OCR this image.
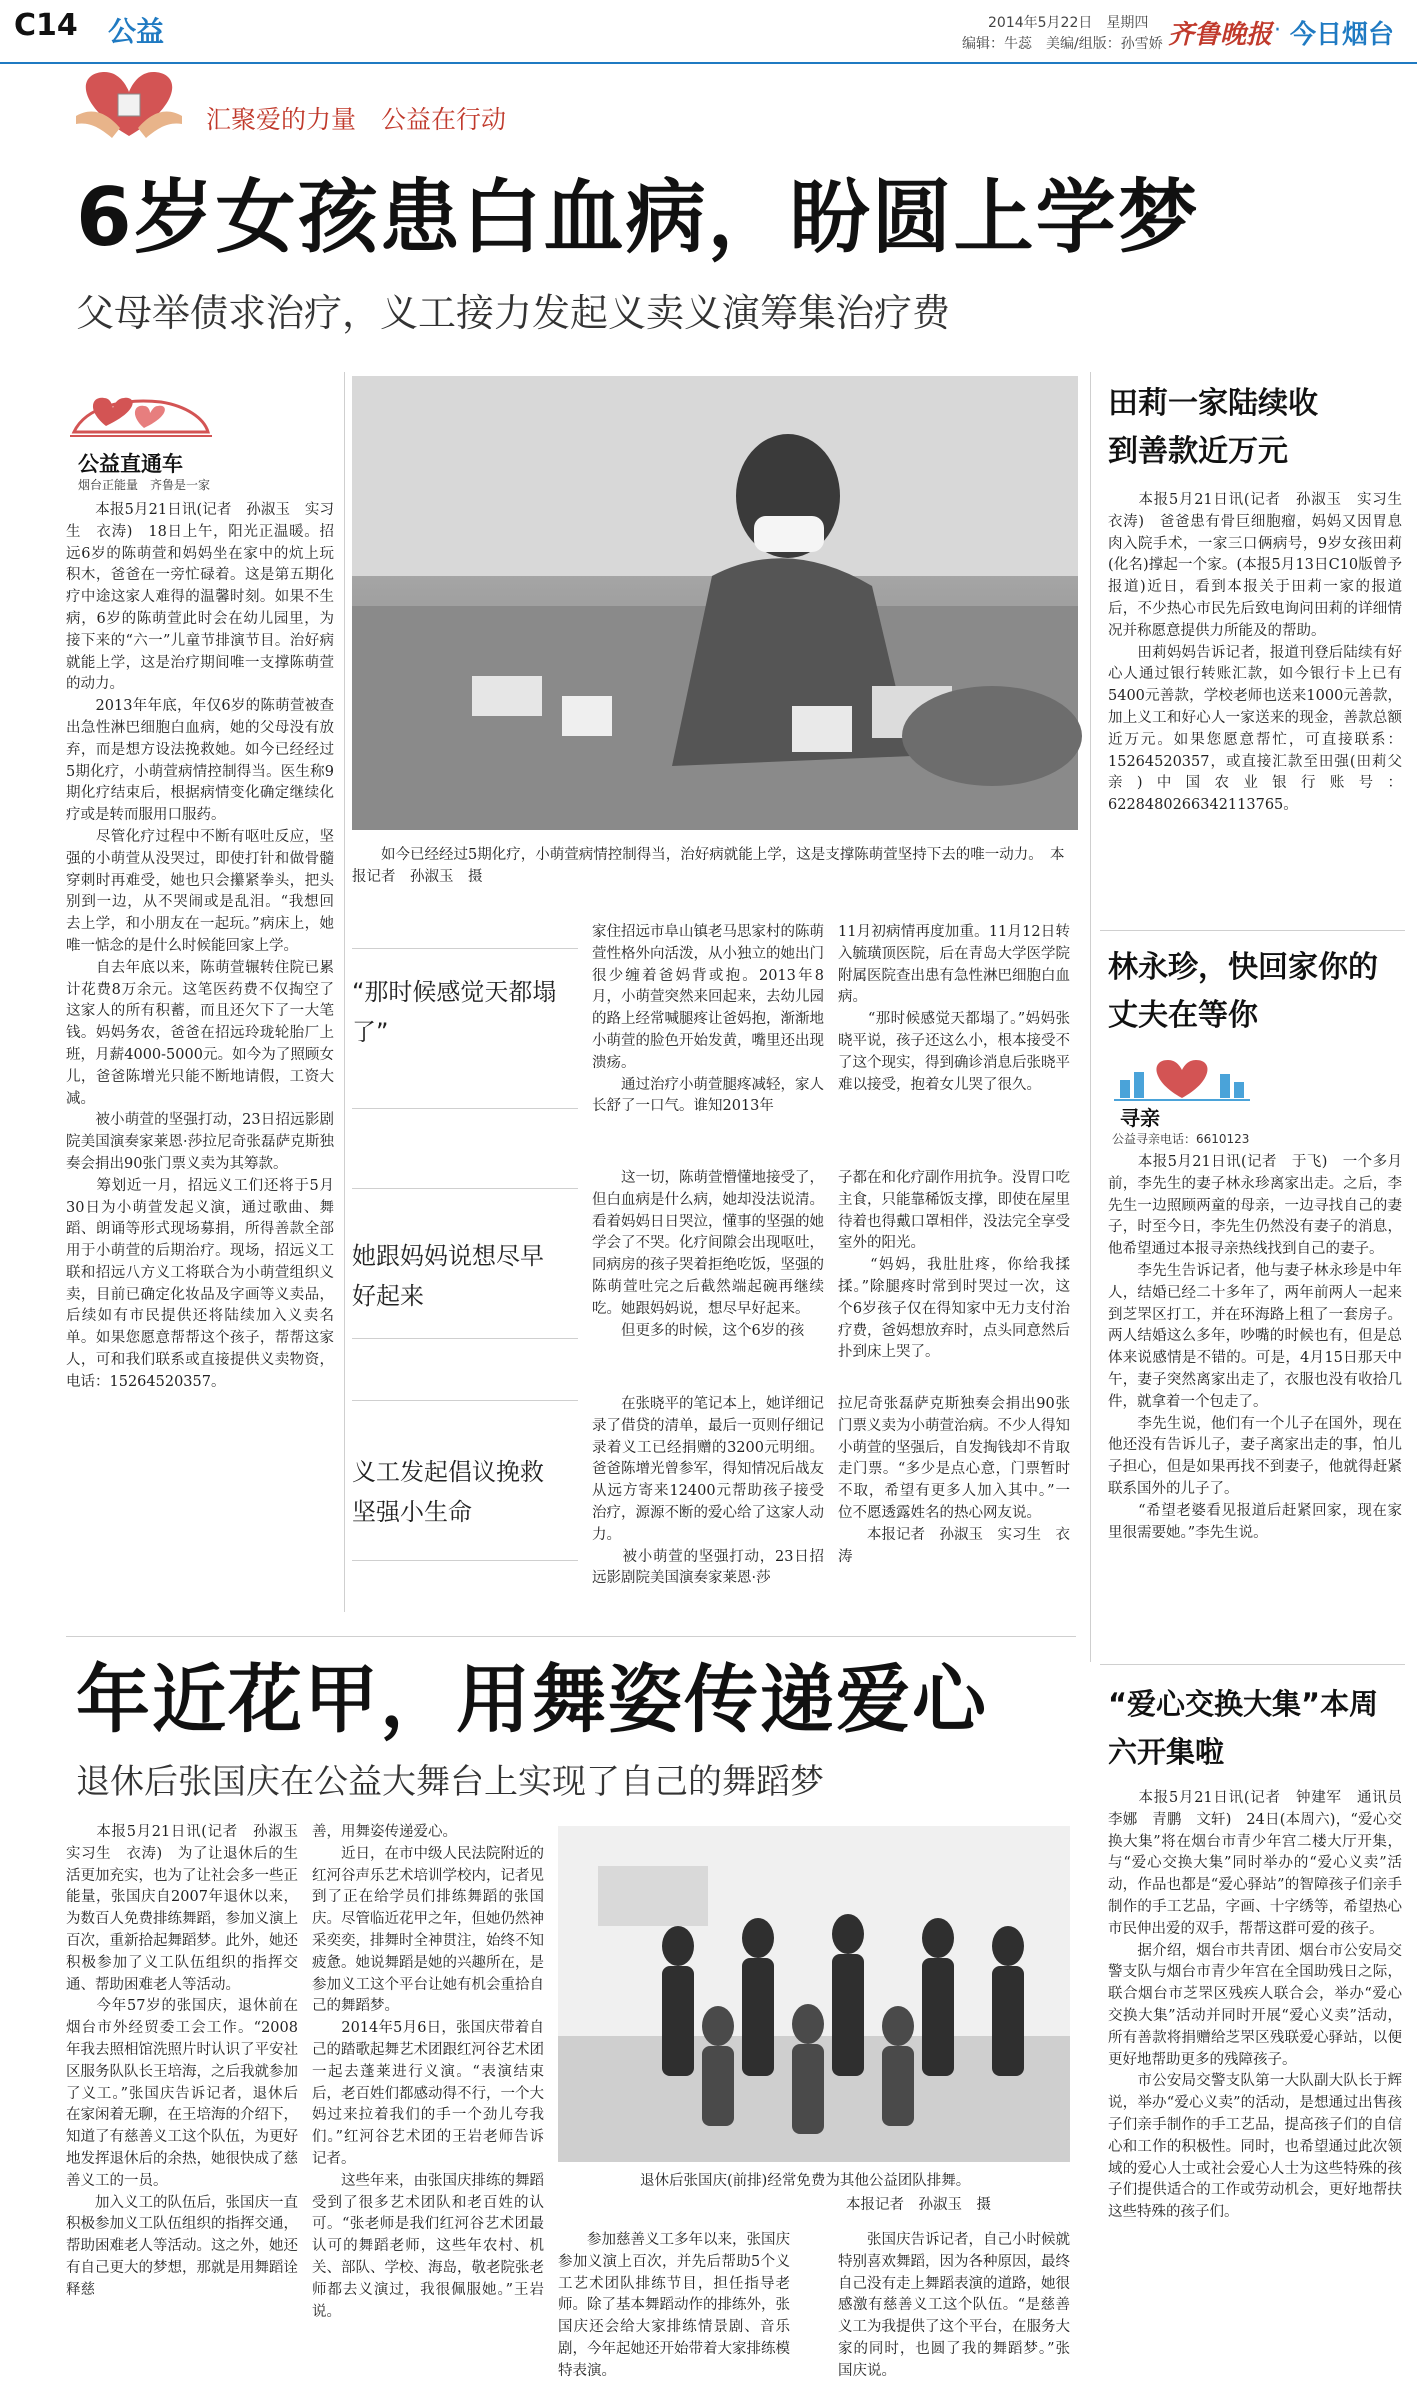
C14 公益	2014年5月22日　星期四
编辑：牛蕊　美编/组版：孙雪娇 齐鲁晚报 · 今日烟台
汇聚爱的力量　公益在行动
6岁女孩患白血病，盼圆上学梦
父母举债求治疗，义工接力发起义卖义演筹集治疗费
公益直通车
烟台正能量　齐鲁是一家
　　本报5月21日讯(记者　孙淑玉　实习生　衣涛)　18日上午，阳光正温暖。招远6岁的陈萌萱和妈妈坐在家中的炕上玩积木，爸爸在一旁忙碌着。这是第五期化疗中途这家人难得的温馨时刻。如果不生病，6岁的陈萌萱此时会在幼儿园里，为接下来的“六一”儿童节排演节目。治好病就能上学，这是治疗期间唯一支撑陈萌萱的动力。
　　2013年年底，年仅6岁的陈萌萱被查出急性淋巴细胞白血病，她的父母没有放弃，而是想方设法挽救她。如今已经经过5期化疗，小萌萱病情控制得当。医生称9期化疗结束后，根据病情变化确定继续化疗或是转而服用口服药。
　　尽管化疗过程中不断有呕吐反应，坚强的小萌萱从没哭过，即使打针和做骨髓穿刺时再难受，她也只会攥紧拳头，把头别到一边，从不哭闹或是乱泪。“我想回去上学，和小朋友在一起玩。”病床上，她唯一惦念的是什么时候能回家上学。
　　自去年底以来，陈萌萱辗转住院已累计花费8万余元。这笔医药费不仅掏空了这家人的所有积蓄，而且还欠下了一大笔钱。妈妈务农，爸爸在招远玲珑轮胎厂上班，月薪4000-5000元。如今为了照顾女儿，爸爸陈增光只能不断地请假，工资大减。
　　被小萌萱的坚强打动，23日招远影剧院美国演奏家莱恩·莎拉尼奇张磊萨克斯独奏会捐出90张门票义卖为其筹款。
　　筹划近一月，招远义工们还将于5月30日为小萌萱发起义演，通过歌曲、舞蹈、朗诵等形式现场募捐，所得善款全部用于小萌萱的后期治疗。现场，招远义工联和招远八方义工将联合为小萌萱组织义卖，目前已确定化妆品及字画等义卖品，后续如有市民提供还将陆续加入义卖名单。如果您愿意帮帮这个孩子，帮帮这家人，可和我们联系或直接提供义卖物资，电话：15264520357。
　　如今已经经过5期化疗，小萌萱病情控制得当，治好病就能上学，这是支撑陈萌萱坚持下去的唯一动力。　本报记者　孙淑玉　摄
“那时候感觉天都塌了”
她跟妈妈说想尽早好起来
义工发起倡议挽救坚强小生命
家住招远市阜山镇老马思家村的陈萌萱性格外向活泼，从小独立的她出门很少缠着爸妈背或抱。2013年8月，小萌萱突然来回起来，去幼儿园的路上经常喊腿疼让爸妈抱，渐渐地小萌萱的脸色开始发黄，嘴里还出现溃疡。
　　通过治疗小萌萱腿疼减轻，家人长舒了一口气。谁知2013年
11月初病情再度加重。11月12日转入毓璜顶医院，后在青岛大学医学院附属医院查出患有急性淋巴细胞白血病。
　　“那时候感觉天都塌了。”妈妈张晓平说，孩子还这么小，根本接受不了这个现实，得到确诊消息后张晓平难以接受，抱着女儿哭了很久。
　　这一切，陈萌萱懵懂地接受了，但白血病是什么病，她却没法说清。看着妈妈日日哭泣，懂事的坚强的她学会了不哭。化疗间隙会出现呕吐，同病房的孩子哭着拒绝吃饭，坚强的陈萌萱吐完之后截然端起碗再继续吃。她跟妈妈说，想尽早好起来。
　　但更多的时候，这个6岁的孩
子都在和化疗副作用抗争。没胃口吃主食，只能靠稀饭支撑，即使在屋里待着也得戴口罩相伴，没法完全享受室外的阳光。
　　“妈妈，我肚肚疼，你给我揉揉。”除腿疼时常到时哭过一次，这个6岁孩子仅在得知家中无力支付治疗费，爸妈想放弃时，点头同意然后扑到床上哭了。
　　在张晓平的笔记本上，她详细记录了借贷的清单，最后一页则仔细记录着义工已经捐赠的3200元明细。爸爸陈增光曾参军，得知情况后战友从远方寄来12400元帮助孩子接受治疗，源源不断的爱心给了这家人动力。
　　被小萌萱的坚强打动，23日招远影剧院美国演奏家莱恩·莎
拉尼奇张磊萨克斯独奏会捐出90张门票义卖为小萌萱治病。不少人得知小萌萱的坚强后，自发掏钱却不肯取走门票。“多少是点心意，门票暂时不取，希望有更多人加入其中。”一位不愿透露姓名的热心网友说。
　　本报记者　孙淑玉　实习生　衣涛
年近花甲，用舞姿传递爱心
退休后张国庆在公益大舞台上实现了自己的舞蹈梦
　　本报5月21日讯(记者　孙淑玉　实习生　衣涛)　为了让退休后的生活更加充实，也为了让社会多一些正能量，张国庆自2007年退休以来，为数百人免费排练舞蹈，参加义演上百次，重新拾起舞蹈梦。此外，她还积极参加了义工队伍组织的指挥交通、帮助困难老人等活动。
　　今年57岁的张国庆，退休前在烟台市外经贸委工会工作。“2008年我去照相馆洗照片时认识了平安社区服务队队长王培海，之后我就参加了义工。”张国庆告诉记者，退休后在家闲着无聊，在王培海的介绍下，知道了有慈善义工这个队伍，为更好地发挥退休后的余热，她很快成了慈善义工的一员。
　　加入义工的队伍后，张国庆一直积极参加义工队伍组织的指挥交通，帮助困难老人等活动。这之外，她还有自己更大的梦想，那就是用舞蹈诠释慈
善，用舞姿传递爱心。
　　近日，在市中级人民法院附近的红河谷声乐艺术培训学校内，记者见到了正在给学员们排练舞蹈的张国庆。尽管临近花甲之年，但她仍然神采奕奕，排舞时全神贯注，始终不知疲惫。她说舞蹈是她的兴趣所在，是参加义工这个平台让她有机会重拾自己的舞蹈梦。
　　2014年5月6日，张国庆带着自己的踏歌起舞艺术团跟红河谷艺术团一起去蓬莱进行义演。“表演结束后，老百姓们都感动得不行，一个大妈过来拉着我们的手一个劲儿夸我们。”红河谷艺术团的王岩老师告诉记者。
　　这些年来，由张国庆排练的舞蹈受到了很多艺术团队和老百姓的认可。“张老师是我们红河谷艺术团最认可的舞蹈老师，这些年农村、机关、部队、学校、海岛，敬老院张老师都去义演过，我很佩服她。”王岩说。
退休后张国庆(前排)经常免费为其他公益团队排舞。
本报记者　孙淑玉　摄
　　参加慈善义工多年以来，张国庆参加义演上百次，并先后帮助5个义工艺术团队排练节目，担任指导老师。除了基本舞蹈动作的排练外，张国庆还会给大家排练情景剧、音乐剧，今年起她还开始带着大家排练模特表演。
　　张国庆告诉记者，自己小时候就特别喜欢舞蹈，因为各种原因，最终自己没有走上舞蹈表演的道路，她很感激有慈善义工这个队伍。“是慈善义工为我提供了这个平台，在服务大家的同时，也圆了我的舞蹈梦。”张国庆说。
田莉一家陆续收到善款近万元
　　本报5月21日讯(记者　孙淑玉　实习生　衣涛)　爸爸患有骨巨细胞瘤，妈妈又因胃息肉入院手术，一家三口俩病号，9岁女孩田莉(化名)撑起一个家。(本报5月13日C10版曾予报道)近日，看到本报关于田莉一家的报道后，不少热心市民先后致电询问田莉的详细情况并称愿意提供力所能及的帮助。
　　田莉妈妈告诉记者，报道刊登后陆续有好心人通过银行转账汇款，如今银行卡上已有5400元善款，学校老师也送来1000元善款，加上义工和好心人一家送来的现金，善款总额近万元。如果您愿意帮忙，可直接联系：15264520357，或直接汇款至田强(田莉父亲)中国农业银行账号：6228480266342113765。
林永珍，快回家你的丈夫在等你
寻亲
公益寻亲电话：6610123
　　本报5月21日讯(记者　于飞)　一个多月前，李先生的妻子林永珍离家出走。之后，李先生一边照顾两童的母亲，一边寻找自己的妻子，时至今日，李先生仍然没有妻子的消息，他希望通过本报寻亲热线找到自己的妻子。
　　李先生告诉记者，他与妻子林永珍是中年人，结婚已经二十多年了，两年前两人一起来到芝罘区打工，并在环海路上租了一套房子。两人结婚这么多年，吵嘴的时候也有，但是总体来说感情是不错的。可是，4月15日那天中午，妻子突然离家出走了，衣服也没有收拾几件，就拿着一个包走了。
　　李先生说，他们有一个儿子在国外，现在他还没有告诉儿子，妻子离家出走的事，怕儿子担心，但是如果再找不到妻子，他就得赶紧联系国外的儿子了。
　　“希望老婆看见报道后赶紧回家，现在家里很需要她。”李先生说。
“爱心交换大集”本周六开集啦
　　本报5月21日讯(记者　钟建军　通讯员　李娜　青鹏　文轩)　24日(本周六)，“爱心交换大集”将在烟台市青少年宫二楼大厅开集，与“爱心交换大集”同时举办的“爱心义卖”活动，作品也都是“爱心驿站”的智障孩子们亲手制作的手工艺品，字画、十字绣等，希望热心市民伸出爱的双手，帮帮这群可爱的孩子。
　　据介绍，烟台市共青团、烟台市公安局交警支队与烟台市青少年宫在全国助残日之际，联合烟台市芝罘区残疾人联合会，举办“爱心交换大集”活动并同时开展“爱心义卖”活动，所有善款将捐赠给芝罘区残联爱心驿站，以便更好地帮助更多的残障孩子。
　　市公安局交警支队第一大队副大队长于辉说，举办“爱心义卖”的活动，是想通过出售孩子们亲手制作的手工艺品，提高孩子们的自信心和工作的积极性。同时，也希望通过此次领域的爱心人士或社会爱心人士为这些特殊的孩子们提供适合的工作或劳动机会，更好地帮扶这些特殊的孩子们。
